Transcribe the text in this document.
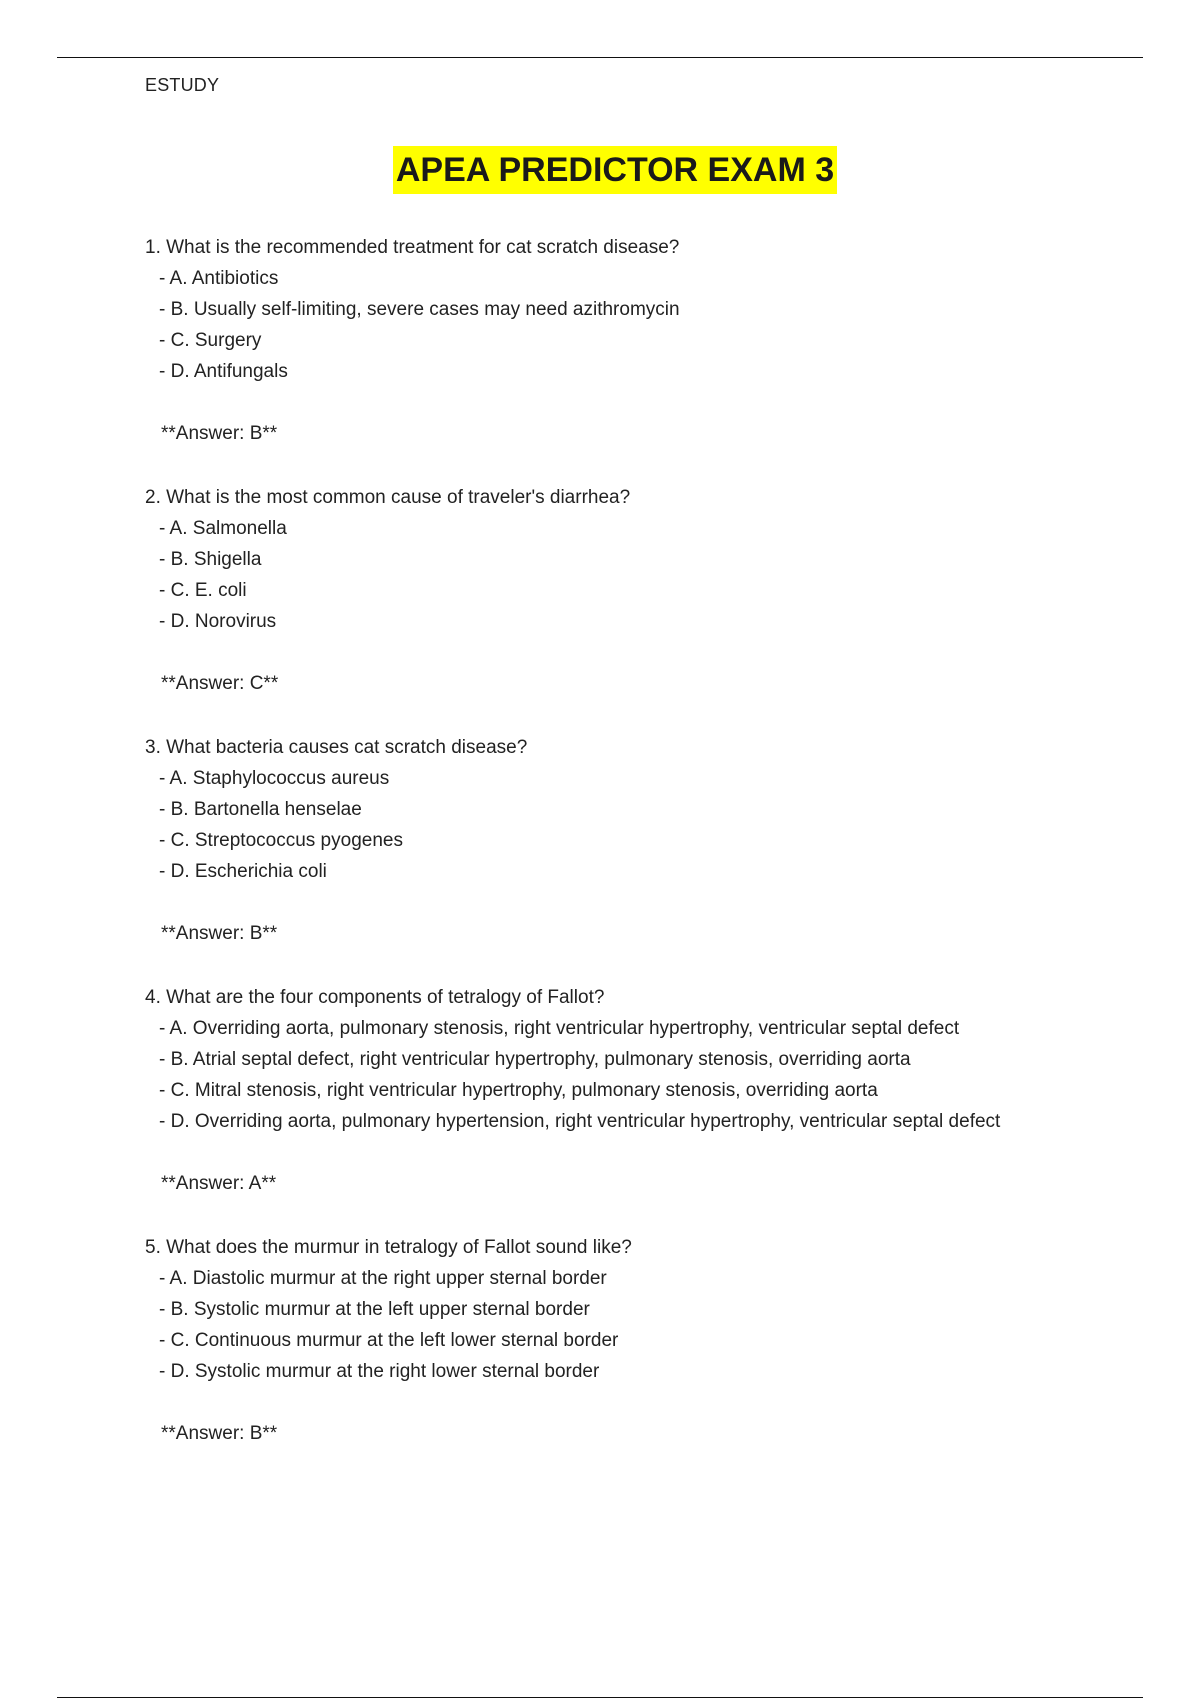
ESTUDY
APEA PREDICTOR EXAM 3
1. What is the recommended treatment for cat scratch disease?
- A. Antibiotics
- B. Usually self-limiting, severe cases may need azithromycin
- C. Surgery
- D. Antifungals
**Answer: B**
2. What is the most common cause of traveler's diarrhea?
- A. Salmonella
- B. Shigella
- C. E. coli
- D. Norovirus
**Answer: C**
3. What bacteria causes cat scratch disease?
- A. Staphylococcus aureus
- B. Bartonella henselae
- C. Streptococcus pyogenes
- D. Escherichia coli
**Answer: B**
4. What are the four components of tetralogy of Fallot?
- A. Overriding aorta, pulmonary stenosis, right ventricular hypertrophy, ventricular septal defect
- B. Atrial septal defect, right ventricular hypertrophy, pulmonary stenosis, overriding aorta
- C. Mitral stenosis, right ventricular hypertrophy, pulmonary stenosis, overriding aorta
- D. Overriding aorta, pulmonary hypertension, right ventricular hypertrophy, ventricular septal defect
**Answer: A**
5. What does the murmur in tetralogy of Fallot sound like?
- A. Diastolic murmur at the right upper sternal border
- B. Systolic murmur at the left upper sternal border
- C. Continuous murmur at the left lower sternal border
- D. Systolic murmur at the right lower sternal border
**Answer: B**
